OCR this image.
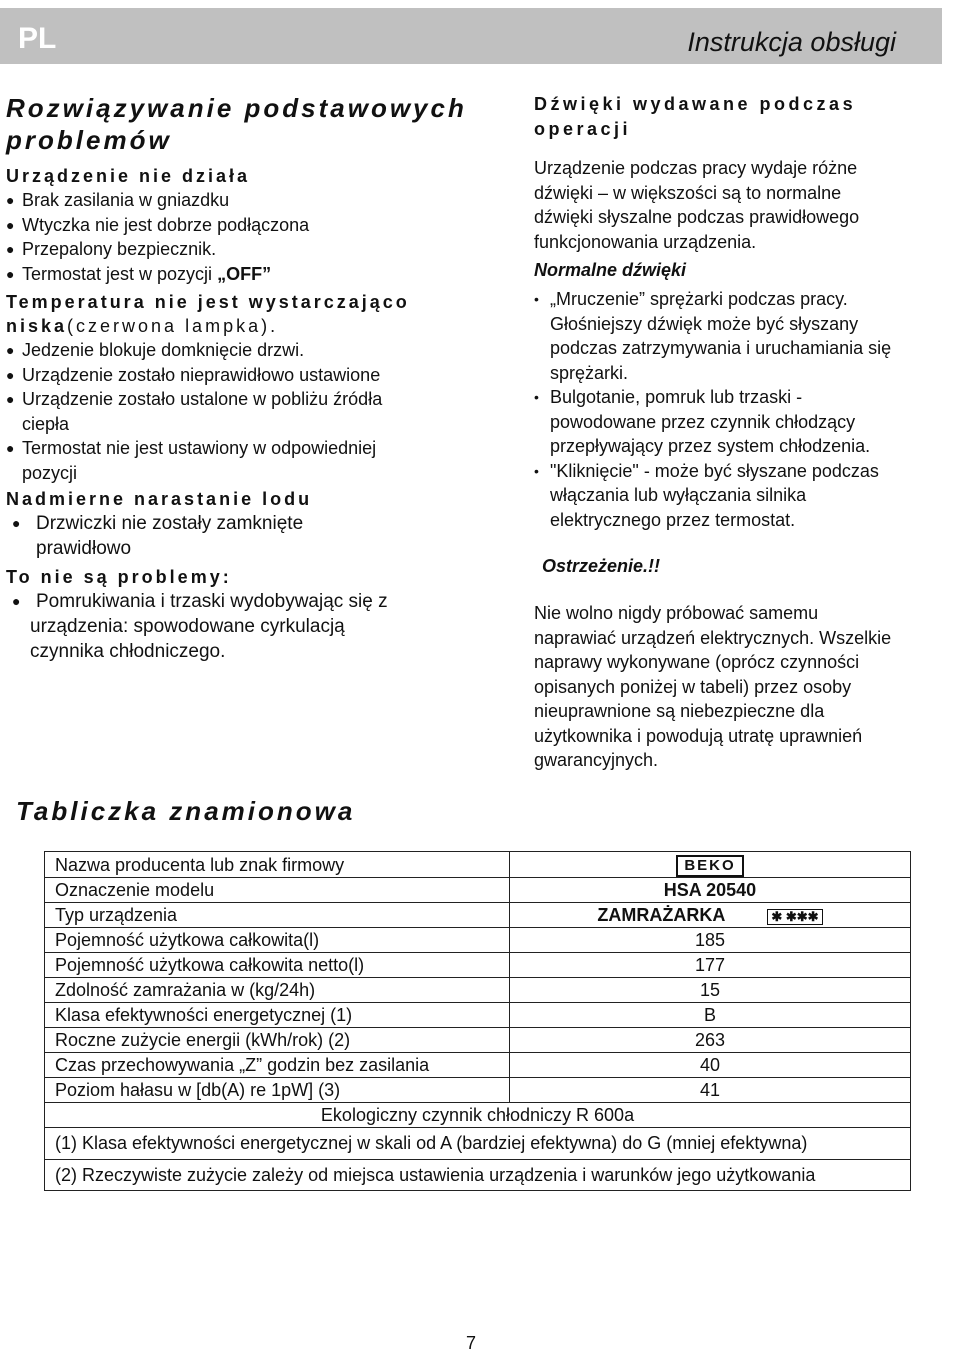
PL	Instrukcja obsługi
Rozwiązywanie podstawowych
problemów
Urządzenie nie działa
● Brak zasilania w gniazdku
● Wtyczka nie jest dobrze podłączona
● Przepalony bezpiecznik.
● Termostat jest w pozycji „OFF”
Temperatura nie jest wystarczająco
niska(czerwona lampka).
● Jedzenie blokuje domknięcie drzwi.
● Urządzenie zostało nieprawidłowo ustawione
● Urządzenie zostało ustalone w pobliżu źródła
ciepła
● Termostat nie jest ustawiony w odpowiedniej
pozycji
Nadmierne narastanie lodu
● Drzwiczki nie zostały zamknięte
prawidłowo
To nie są problemy:
● Pomrukiwania i trzaski wydobywając się z
urządzenia: spowodowane cyrkulacją
czynnika chłodniczego.
Dźwięki wydawane podczas
operacji
Urządzenie podczas pracy wydaje różne
dźwięki – w większości są to normalne
dźwięki słyszalne podczas prawidłowego
funkcjonowania urządzenia.
Normalne dźwięki
• „Mruczenie” sprężarki podczas pracy.
Głośniejszy dźwięk może być słyszany
podczas zatrzymywania i uruchamiania się
sprężarki.
• Bulgotanie, pomruk lub trzaski -
powodowane przez czynnik chłodzący
przepływający przez system chłodzenia.
• "Kliknięcie" - może być słyszane podczas
włączania lub wyłączania silnika
elektrycznego przez termostat.
Ostrzeżenie.!!
Nie wolno nigdy próbować samemu
naprawiać urządzeń elektrycznych. Wszelkie
naprawy wykonywane (oprócz czynności
opisanych poniżej w tabeli) przez osoby
nieuprawnione są niebezpieczne dla
użytkownika i powodują utratę uprawnień
gwarancyjnych.
Tabliczka znamionowa
Nazwa producenta lub znak firmowy	BEKO
Oznaczenie modelu	HSA 20540
Typ urządzenia	ZAMRAŻARKA ✱ ✱✱✱
Pojemność użytkowa całkowita(l)	185
Pojemność użytkowa całkowita netto(l)	177
Zdolność zamrażania w (kg/24h)	15
Klasa efektywności energetycznej (1)	B
Roczne zużycie energii (kWh/rok) (2)	263
Czas przechowywania „Z” godzin bez zasilania	40
Poziom hałasu w [db(A) re 1pW] (3)	41
Ekologiczny czynnik chłodniczy R 600a	
(1) Klasa efektywności energetycznej w skali od A (bardziej efektywna) do G (mniej efektywna)	
(2) Rzeczywiste zużycie zależy od miejsca ustawienia urządzenia i warunków jego użytkowania	
7
